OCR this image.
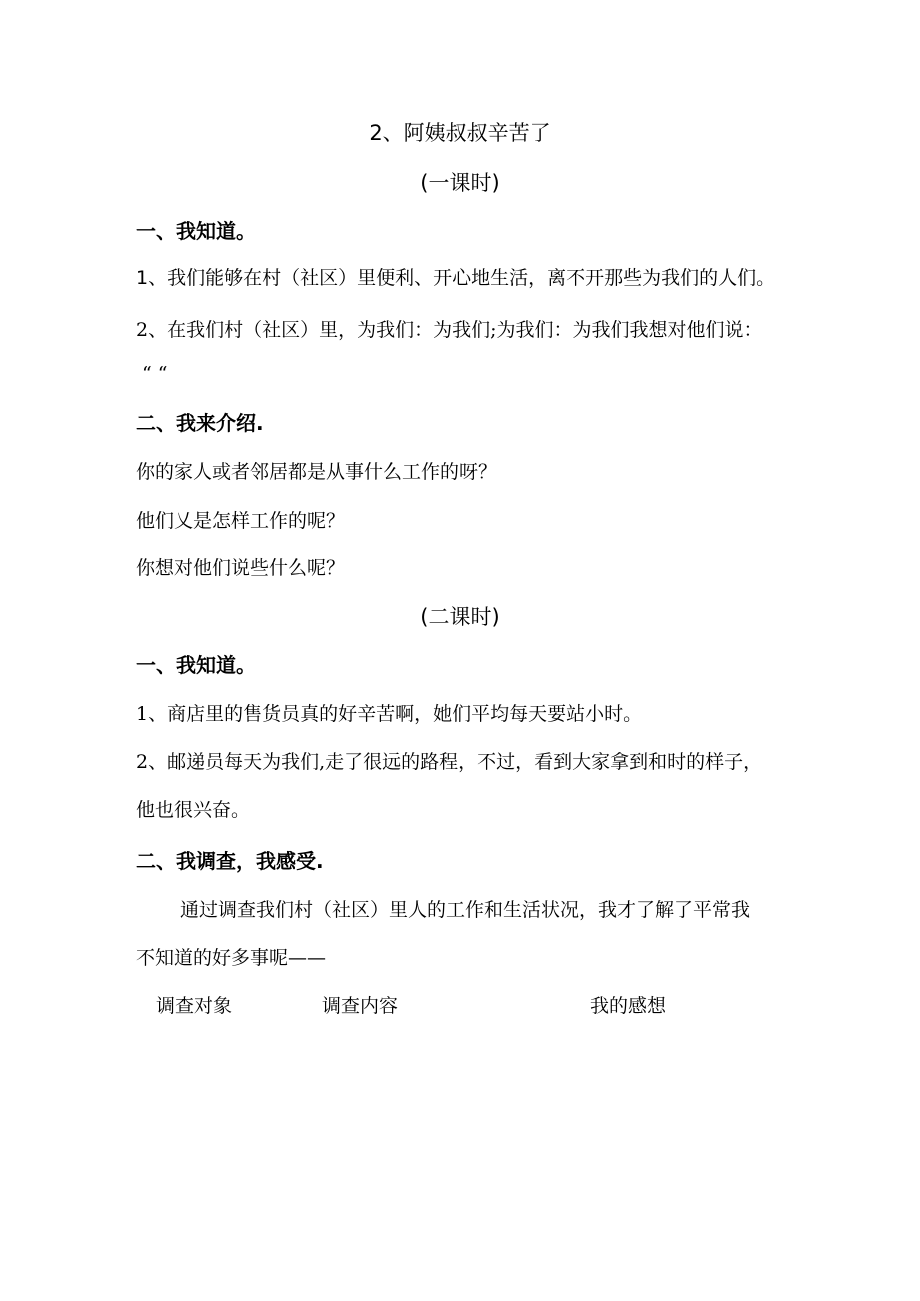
2、阿姨叔叔辛苦了
(一课时)
一、我知道。
1、我们能够在村（社区）里便利、开心地生活，离不开那些为我们的人们。
2、在我们村（社区）里，为我们：为我们;为我们：为我们我想对他们说：
“ “
二、我来介绍.
你的家人或者邻居都是从事什么工作的呀？
他们乂是怎样工作的呢？
你想对他们说些什么呢？
(二课时)
一、我知道。
1、商店里的售货员真的好辛苦啊，她们平均每天要站小时。
2、邮递员每天为我们,走了很远的路程，不过，看到大家拿到和时的样子，
他也很兴奋。
二、我调查，我感受.
通过调查我们村（社区）里人的工作和生活状况，我才了解了平常我
不知道的好多事呢——
调查对象	调查内容	我的感想
